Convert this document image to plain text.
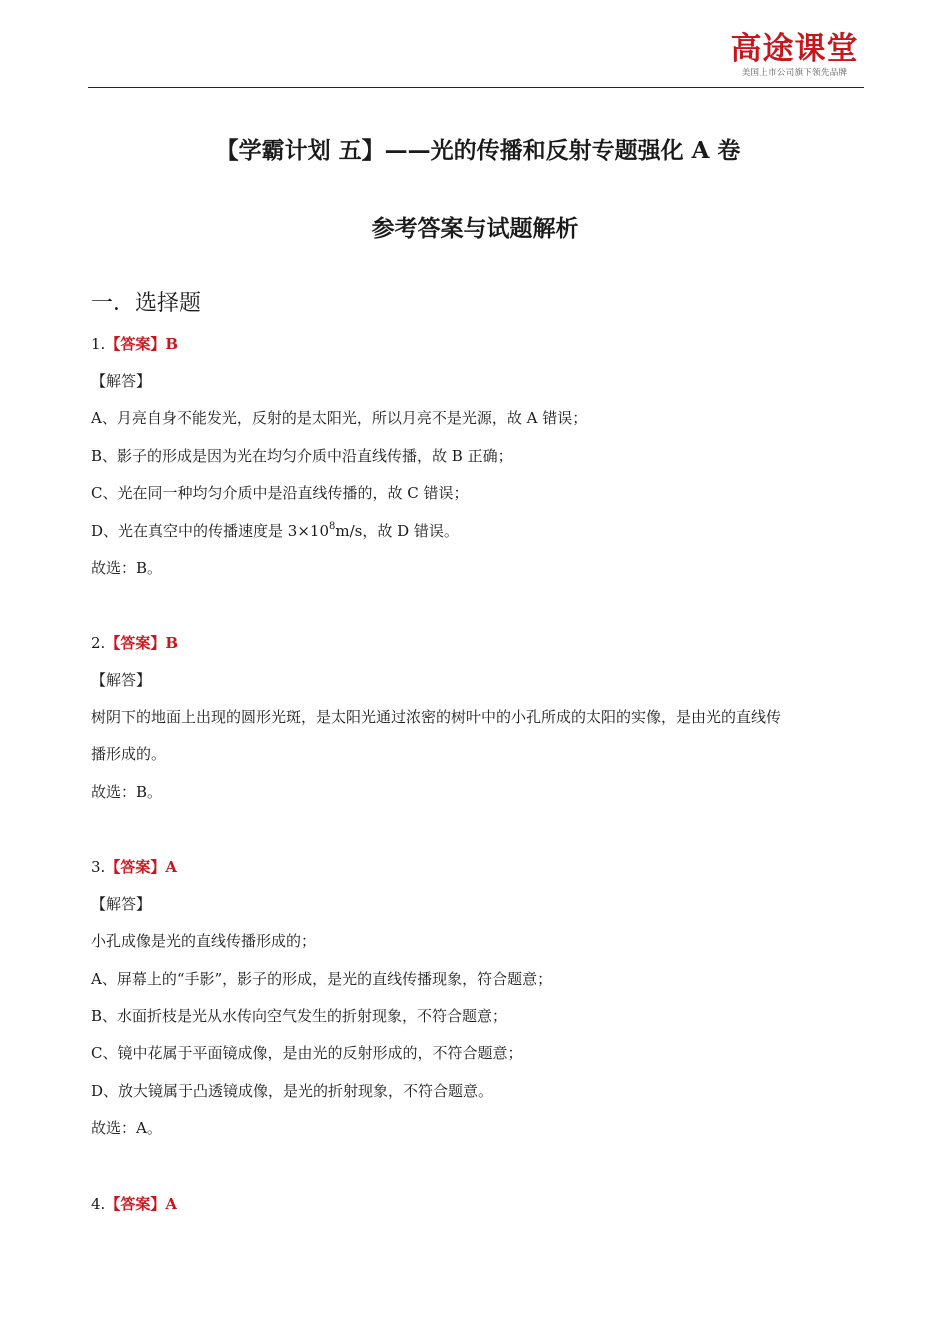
高途课堂
美国上市公司旗下领先品牌
【学霸计划 五】——光的传播和反射专题强化 A 卷
参考答案与试题解析
一．选择题
1.【答案】B
【解答】
A、月亮自身不能发光，反射的是太阳光，所以月亮不是光源，故 A 错误；
B、影子的形成是因为光在均匀介质中沿直线传播，故 B 正确；
C、光在同一种均匀介质中是沿直线传播的，故 C 错误；
D、光在真空中的传播速度是 $3\times 10^8m/s$，故 D 错误。
故选：B。
2.【答案】B
【解答】
树阴下的地面上出现的圆形光斑，是太阳光通过浓密的树叶中的小孔所成的太阳的实像，是由光的直线传
播形成的。
故选：B。
3.【答案】A
【解答】
小孔成像是光的直线传播形成的；
A、屏幕上的“手影”，影子的形成，是光的直线传播现象，符合题意；
B、水面折枝是光从水传向空气发生的折射现象，不符合题意；
C、镜中花属于平面镜成像，是由光的反射形成的，不符合题意；
D、放大镜属于凸透镜成像，是光的折射现象，不符合题意。
故选：A。
4.【答案】A
